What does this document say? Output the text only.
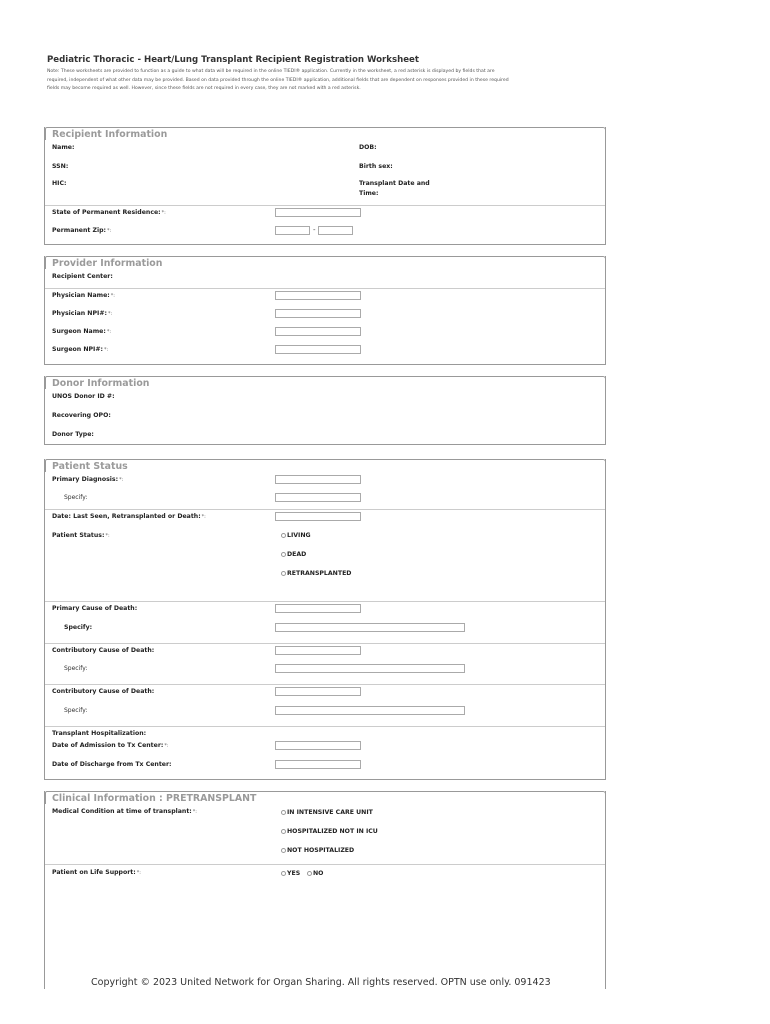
Pediatric Thoracic - Heart/Lung Transplant Recipient Registration Worksheet
Note: These worksheets are provided to function as a guide to what data will be required in the online TIEDI® application. Currently in the worksheet, a red asterisk is displayed by fields that are
required, independent of what other data may be provided. Based on data provided through the online TIEDI® application, additional fields that are dependent on responses provided in these required
fields may become required as well. However, since these fields are not required in every case, they are not marked with a red asterisk.
Recipient Information
Name:	DOB:
SSN:	Birth sex:
HIC:	Transplant Date and
Time:
State of Permanent Residence:*:
Permanent Zip:*:	-
Provider Information
Recipient Center:
Physician Name:*:
Physician NPI#:*:
Surgeon Name:*:
Surgeon NPI#:*:
Donor Information
UNOS Donor ID #:
Recovering OPO:
Donor Type:
Patient Status
Primary Diagnosis:*:
Specify:
Date: Last Seen, Retransplanted or Death:*:
Patient Status:*:	LIVING
DEAD
RETRANSPLANTED
Primary Cause of Death:
Specify:
Contributory Cause of Death:
Specify:
Contributory Cause of Death:
Specify:
Transplant Hospitalization:
Date of Admission to Tx Center:*:
Date of Discharge from Tx Center:
Clinical Information : PRETRANSPLANT
Medical Condition at time of transplant:*:	IN INTENSIVE CARE UNIT
HOSPITALIZED NOT IN ICU
NOT HOSPITALIZED
Patient on Life Support:*:	YES NO
Copyright © 2023 United Network for Organ Sharing. All rights reserved. OPTN use only. 091423
